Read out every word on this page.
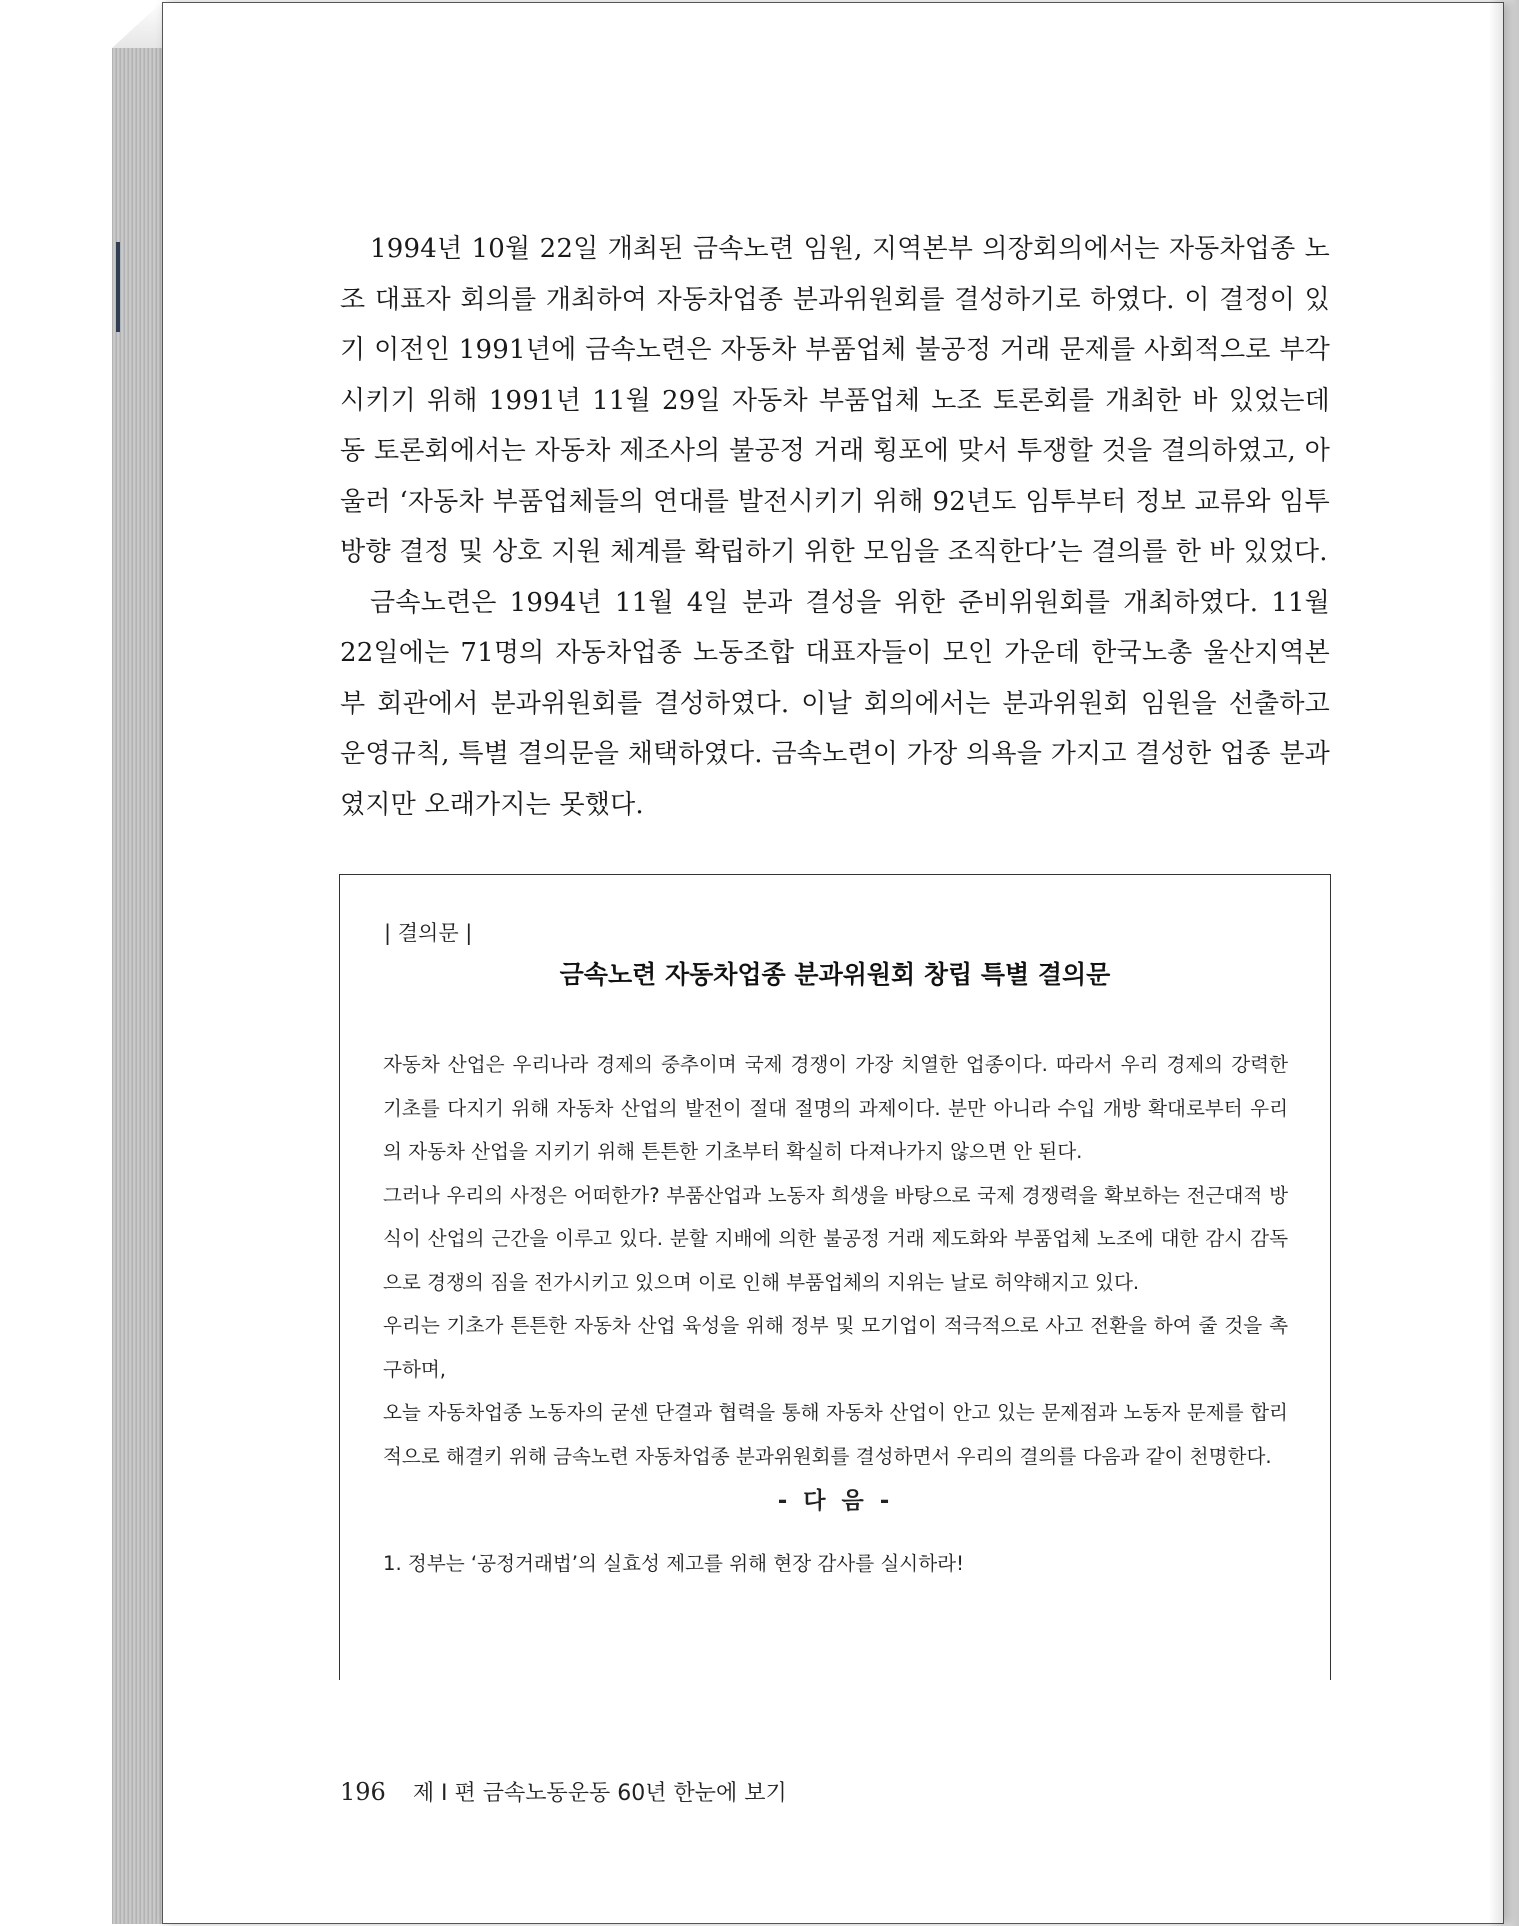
1994년 10월 22일 개최된 금속노련 임원, 지역본부 의장회의에서는 자동차업종 노조 대표자 회의를 개최하여 자동차업종 분과위원회를 결성하기로 하였다. 이 결정이 있기 이전인 1991년에 금속노련은 자동차 부품업체 불공정 거래 문제를 사회적으로 부각시키기 위해 1991년 11월 29일 자동차 부품업체 노조 토론회를 개최한 바 있었는데 동 토론회에서는 자동차 제조사의 불공정 거래 횡포에 맞서 투쟁할 것을 결의하였고, 아울러 ‘자동차 부품업체들의 연대를 발전시키기 위해 92년도 임투부터 정보 교류와 임투 방향 결정 및 상호 지원 체계를 확립하기 위한 모임을 조직한다’는 결의를 한 바 있었다.

금속노련은 1994년 11월 4일 분과 결성을 위한 준비위원회를 개최하였다. 11월 22일에는 71명의 자동차업종 노동조합 대표자들이 모인 가운데 한국노총 울산지역본부 회관에서 분과위원회를 결성하였다. 이날 회의에서는 분과위원회 임원을 선출하고 운영규칙, 특별 결의문을 채택하였다. 금속노련이 가장 의욕을 가지고 결성한 업종 분과였지만 오래가지는 못했다.

| 결의문 |
금속노련 자동차업종 분과위원회 창립 특별 결의문

자동차 산업은 우리나라 경제의 중추이며 국제 경쟁이 가장 치열한 업종이다. 따라서 우리 경제의 강력한 기초를 다지기 위해 자동차 산업의 발전이 절대 절명의 과제이다. 분만 아니라 수입 개방 확대로부터 우리의 자동차 산업을 지키기 위해 튼튼한 기초부터 확실히 다져나가지 않으면 안 된다.

그러나 우리의 사정은 어떠한가? 부품산업과 노동자 희생을 바탕으로 국제 경쟁력을 확보하는 전근대적 방식이 산업의 근간을 이루고 있다. 분할 지배에 의한 불공정 거래 제도화와 부품업체 노조에 대한 감시 감독으로 경쟁의 짐을 전가시키고 있으며 이로 인해 부품업체의 지위는 날로 허약해지고 있다.

우리는 기초가 튼튼한 자동차 산업 육성을 위해 정부 및 모기업이 적극적으로 사고 전환을 하여 줄 것을 촉구하며,

오늘 자동차업종 노동자의 굳센 단결과 협력을 통해 자동차 산업이 안고 있는 문제점과 노동자 문제를 합리적으로 해결키 위해 금속노련 자동차업종 분과위원회를 결성하면서 우리의 결의를 다음과 같이 천명한다.

- 다 음 -

1. 정부는 ‘공정거래법’의 실효성 제고를 위해 현장 감사를 실시하라!

196 제 I 편 금속노동운동 60년 한눈에 보기
